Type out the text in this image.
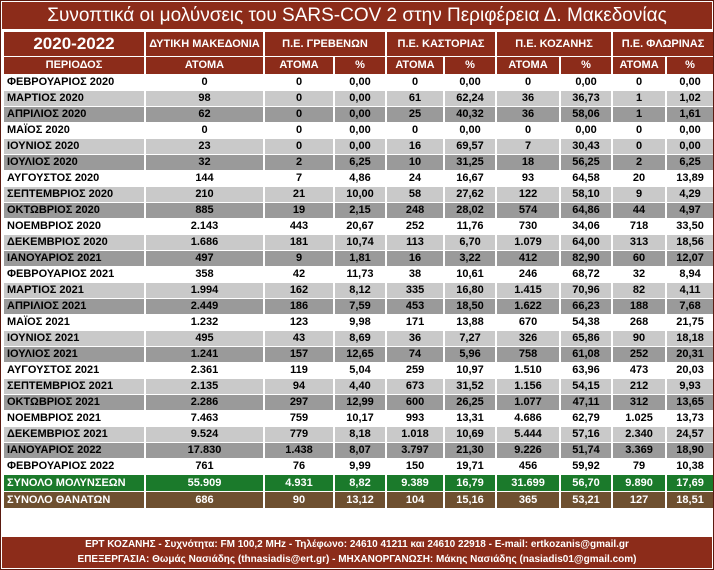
Συνοπτικά οι μολύνσεις του SARS-COV 2 στην Περιφέρεια Δ. Μακεδονίας
2020-2022	ΔΥΤΙΚΗ ΜΑΚΕΔΟΝΙΑ	Π.Ε. ΓΡΕΒΕΝΩΝ		Π.Ε. ΚΑΣΤΟΡΙΑΣ		Π.Ε. ΚΟΖΑΝΗΣ		Π.Ε. ΦΛΩΡΙΝΑΣ	
ΠΕΡΙΟΔΟΣ	ΑΤΟΜΑ	ΑΤΟΜΑ	%	ΑΤΟΜΑ	%	ΑΤΟΜΑ	%	ΑΤΟΜΑ	%
ΦΕΒΡΟΥΑΡΙΟΣ 2020	0	0	0,00	0	0,00	0	0,00	0	0,00
ΜΑΡΤΙΟΣ 2020	98	0	0,00	61	62,24	36	36,73	1	1,02
ΑΠΡΙΛΙΟΣ 2020	62	0	0,00	25	40,32	36	58,06	1	1,61
ΜΑΪΟΣ 2020	0	0	0,00	0	0,00	0	0,00	0	0,00
ΙΟΥΝΙΟΣ 2020	23	0	0,00	16	69,57	7	30,43	0	0,00
ΙΟΥΛΙΟΣ 2020	32	2	6,25	10	31,25	18	56,25	2	6,25
ΑΥΓΟΥΣΤΟΣ 2020	144	7	4,86	24	16,67	93	64,58	20	13,89
ΣΕΠΤΕΜΒΡΙΟΣ 2020	210	21	10,00	58	27,62	122	58,10	9	4,29
ΟΚΤΩΒΡΙΟΣ 2020	885	19	2,15	248	28,02	574	64,86	44	4,97
ΝΟΕΜΒΡΙΟΣ 2020	2.143	443	20,67	252	11,76	730	34,06	718	33,50
ΔΕΚΕΜΒΡΙΟΣ 2020	1.686	181	10,74	113	6,70	1.079	64,00	313	18,56
ΙΑΝΟΥΑΡΙΟΣ 2021	497	9	1,81	16	3,22	412	82,90	60	12,07
ΦΕΒΡΟΥΑΡΙΟΣ 2021	358	42	11,73	38	10,61	246	68,72	32	8,94
ΜΑΡΤΙΟΣ 2021	1.994	162	8,12	335	16,80	1.415	70,96	82	4,11
ΑΠΡΙΛΙΟΣ 2021	2.449	186	7,59	453	18,50	1.622	66,23	188	7,68
ΜΑΪΟΣ 2021	1.232	123	9,98	171	13,88	670	54,38	268	21,75
ΙΟΥΝΙΟΣ 2021	495	43	8,69	36	7,27	326	65,86	90	18,18
ΙΟΥΛΙΟΣ 2021	1.241	157	12,65	74	5,96	758	61,08	252	20,31
ΑΥΓΟΥΣΤΟΣ 2021	2.361	119	5,04	259	10,97	1.510	63,96	473	20,03
ΣΕΠΤΕΜΒΡΙΟΣ 2021	2.135	94	4,40	673	31,52	1.156	54,15	212	9,93
ΟΚΤΩΒΡΙΟΣ 2021	2.286	297	12,99	600	26,25	1.077	47,11	312	13,65
ΝΟΕΜΒΡΙΟΣ 2021	7.463	759	10,17	993	13,31	4.686	62,79	1.025	13,73
ΔΕΚΕΜΒΡΙΟΣ 2021	9.524	779	8,18	1.018	10,69	5.444	57,16	2.340	24,57
ΙΑΝΟΥΑΡΙΟΣ 2022	17.830	1.438	8,07	3.797	21,30	9.226	51,74	3.369	18,90
ΦΕΒΡΟΥΑΡΙΟΣ 2022	761	76	9,99	150	19,71	456	59,92	79	10,38
ΣΥΝΟΛΟ ΜΟΛΥΝΣΕΩΝ	55.909	4.931	8,82	9.389	16,79	31.699	56,70	9.890	17,69
ΣΥΝΟΛΟ ΘΑΝΑΤΩΝ	686	90	13,12	104	15,16	365	53,21	127	18,51
ΕΡΤ ΚΟΖΑΝΗΣ - Συχνότητα: FM 100,2 MHz - Τηλέφωνο: 24610 41211 και 24610 22918 - E-mail: ertkozanis@gmail.gr
ΕΠΕΞΕΡΓΑΣΙΑ: Θωμάς Νασιάδης (thnasiadis@ert.gr) - ΜΗΧΑΝΟΡΓΑΝΩΣΗ: Μάκης Νασιάδης (nasiadis01@gmail.com)
